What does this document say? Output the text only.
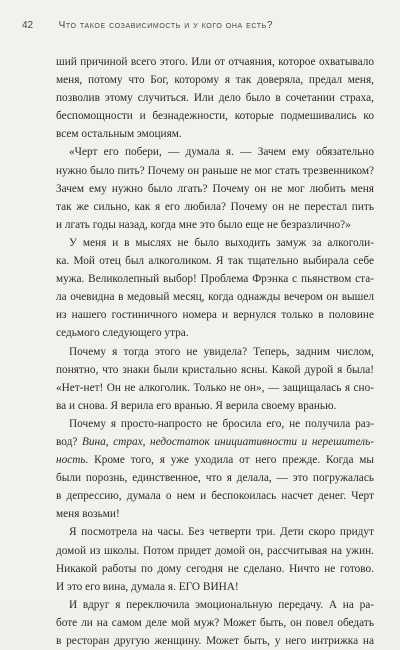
42	Что такое созависимость и у кого она есть?
ший причиной всего этого. Или от отчаяния, которое охватывало
меня, потому что Бог, которому я так доверяла, предал меня,
позволив этому случиться. Или дело было в сочетании страха,
беспомощности и безнадежности, которые подмешивались ко
всем остальным эмоциям.
«Черт его побери, — думала я. — Зачем ему обязательно
нужно было пить? Почему он раньше не мог стать трезвенником?
Зачем ему нужно было лгать? Почему он не мог любить меня
так же сильно, как я его любила? Почему он не перестал пить
и лгать годы назад, когда мне это было еще не безразлично?»
У меня и в мыслях не было выходить замуж за алкоголи-
ка. Мой отец был алкоголиком. Я так тщательно выбирала себе
мужа. Великолепный выбор! Проблема Фрэнка с пьянством ста-
ла очевидна в медовый месяц, когда однажды вечером он вышел
из нашего гостиничного номера и вернулся только в половине
седьмого следующего утра.
Почему я тогда этого не увидела? Теперь, задним числом,
понятно, что знаки были кристально ясны. Какой дурой я была!
«Нет-нет! Он не алкоголик. Только не он», — защищалась я сно-
ва и снова. Я верила его вранью. Я верила своему вранью.
Почему я просто-напросто не бросила его, не получила раз-
вод? Вина, страх, недостаток инициативности и нерешитель-
ность. Кроме того, я уже уходила от него прежде. Когда мы
были порознь, единственное, что я делала, — это погружалась
в депрессию, думала о нем и беспокоилась насчет денег. Черт
меня возьми!
Я посмотрела на часы. Без четверти три. Дети скоро придут
домой из школы. Потом придет домой он, рассчитывая на ужин.
Никакой работы по дому сегодня не сделано. Ничто не готово.
И это его вина, думала я. ЕГО ВИНА!
И вдруг я переключила эмоциональную передачу. А на ра-
боте ли на самом деле мой муж? Может быть, он повел обедать
в ресторан другую женщину. Может быть, у него интрижка на
